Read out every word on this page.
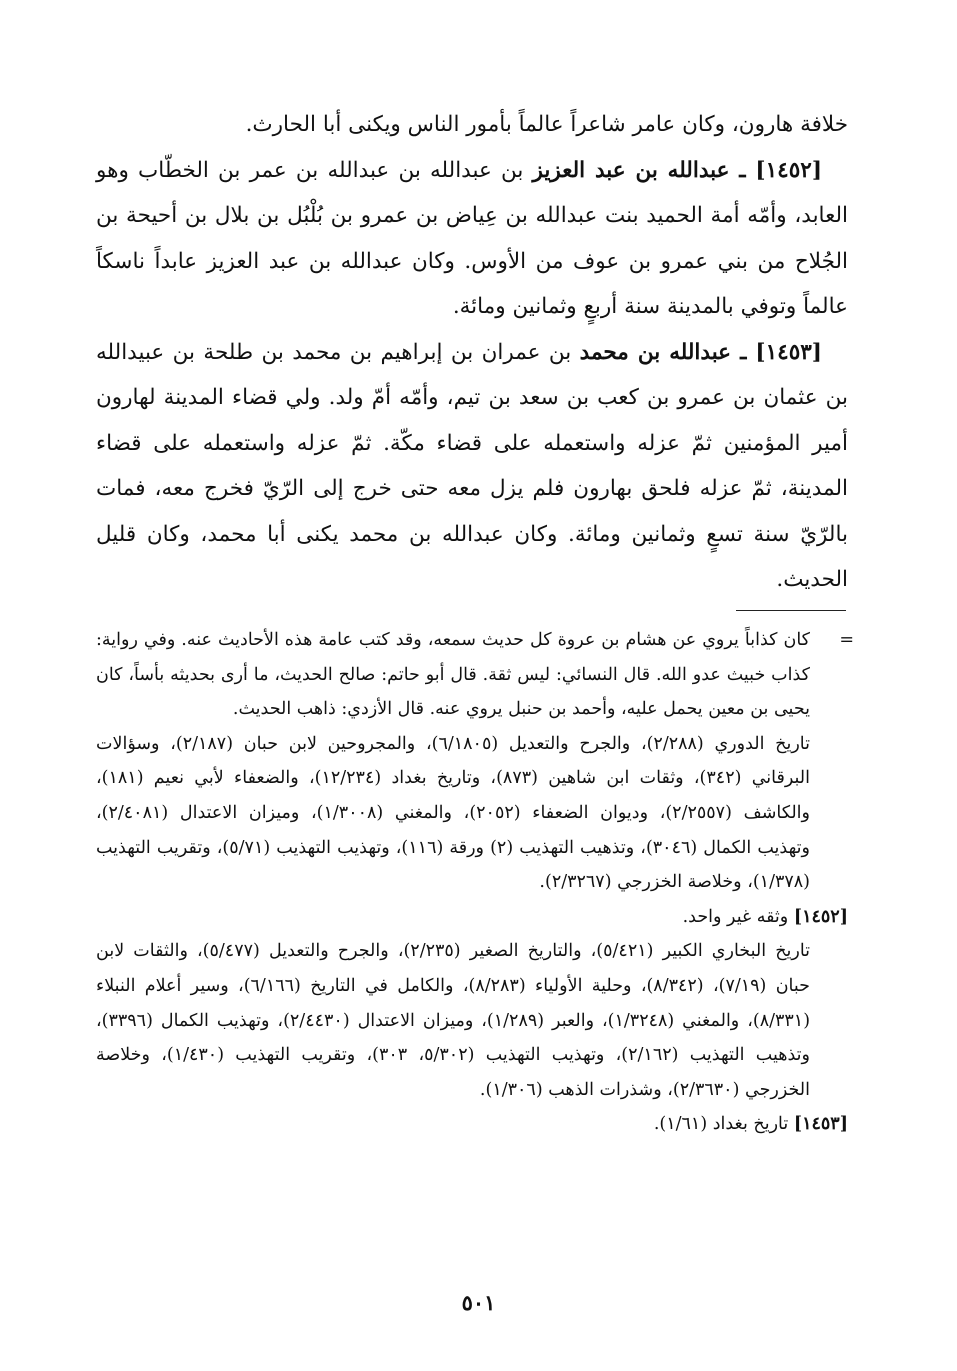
خلافة هارون، وكان عامر شاعراً عالماً بأمور الناس ويكنى أبا الحارث.

[١٤٥٢] ـ عبدالله بن عبد العزيز بن عبدالله بن عبدالله بن عمر بن الخطّاب وهو العابد، وأمّه أمة الحميد بنت عبدالله بن عِياض بن عمرو بن بُلْبُل بن بلال بن أحيحة بن الجُلاح من بني عمرو بن عوف من الأوس. وكان عبدالله بن عبد العزيز عابداً ناسكاً عالماً وتوفي بالمدينة سنة أربعٍ وثمانين ومائة.

[١٤٥٣] ـ عبدالله بن محمد بن عمران بن إبراهيم بن محمد بن طلحة بن عبيدالله بن عثمان بن عمرو بن كعب بن سعد بن تيم، وأمّه أمّ ولد. ولي قضاء المدينة لهارون أمير المؤمنين ثمّ عزله واستعمله على قضاء مكّة. ثمّ عزله واستعمله على قضاء المدينة، ثمّ عزله فلحق بهارون فلم يزل معه حتى خرج إلى الرّيّ فخرج معه، فمات بالرّيّ سنة تسعٍ وثمانين ومائة. وكان عبدالله بن محمد يكنى أبا محمد، وكان قليل الحديث.

=

كان كذاباً يروي عن هشام بن عروة كل حديث سمعه، وقد كتب عامة هذه الأحاديث عنه. وفي رواية: كذاب خبيث عدو الله. قال النسائي: ليس ثقة. قال أبو حاتم: صالح الحديث، ما أرى بحديثه بأساً، كان يحيى بن معين يحمل عليه، وأحمد بن حنبل يروي عنه. قال الأزدي: ذاهب الحديث.

تاريخ الدوري (٢/٢٨٨)، والجرح والتعديل (٦/١٨٠٥)، والمجروحين لابن حبان (٢/١٨٧)، وسؤالات البرقاني (٣٤٢)، وثقات ابن شاهين (٨٧٣)، وتاريخ بغداد (١٢/٢٣٤)، والضعفاء لأبي نعيم (١٨١)، والكاشف (٢/٢٥٥٧)، وديوان الضعفاء (٢٠٥٢)، والمغني (١/٣٠٠٨)، وميزان الاعتدال (٢/٤٠٨١)، وتهذيب الكمال (٣٠٤٦)، وتذهيب التهذيب (٢) ورقة (١١٦)، وتهذيب التهذيب (٥/٧١)، وتقريب التهذيب (١/٣٧٨)، وخلاصة الخزرجي (٢/٣٢٦٧).

[١٤٥٢] وثقه غير واحد.

تاريخ البخاري الكبير (٥/٤٢١)، والتاريخ الصغير (٢/٢٣٥)، والجرح والتعديل (٥/٤٧٧)، والثقات لابن حبان (٧/١٩)، (٨/٣٤٢)، وحلية الأولياء (٨/٢٨٣)، والكامل في التاريخ (٦/١٦٦)، وسير أعلام النبلاء (٨/٣٣١)، والمغني (١/٣٢٤٨)، والعبر (١/٢٨٩)، وميزان الاعتدال (٢/٤٤٣٠)، وتهذيب الكمال (٣٣٩٦)، وتذهيب التهذيب (٢/١٦٢)، وتهذيب التهذيب (٥/٣٠٢، ٣٠٣)، وتقريب التهذيب (١/٤٣٠)، وخلاصة الخزرجي (٢/٣٦٣٠)، وشذرات الذهب (١/٣٠٦).

[١٤٥٣] تاريخ بغداد (١/٦١).

٥٠١
